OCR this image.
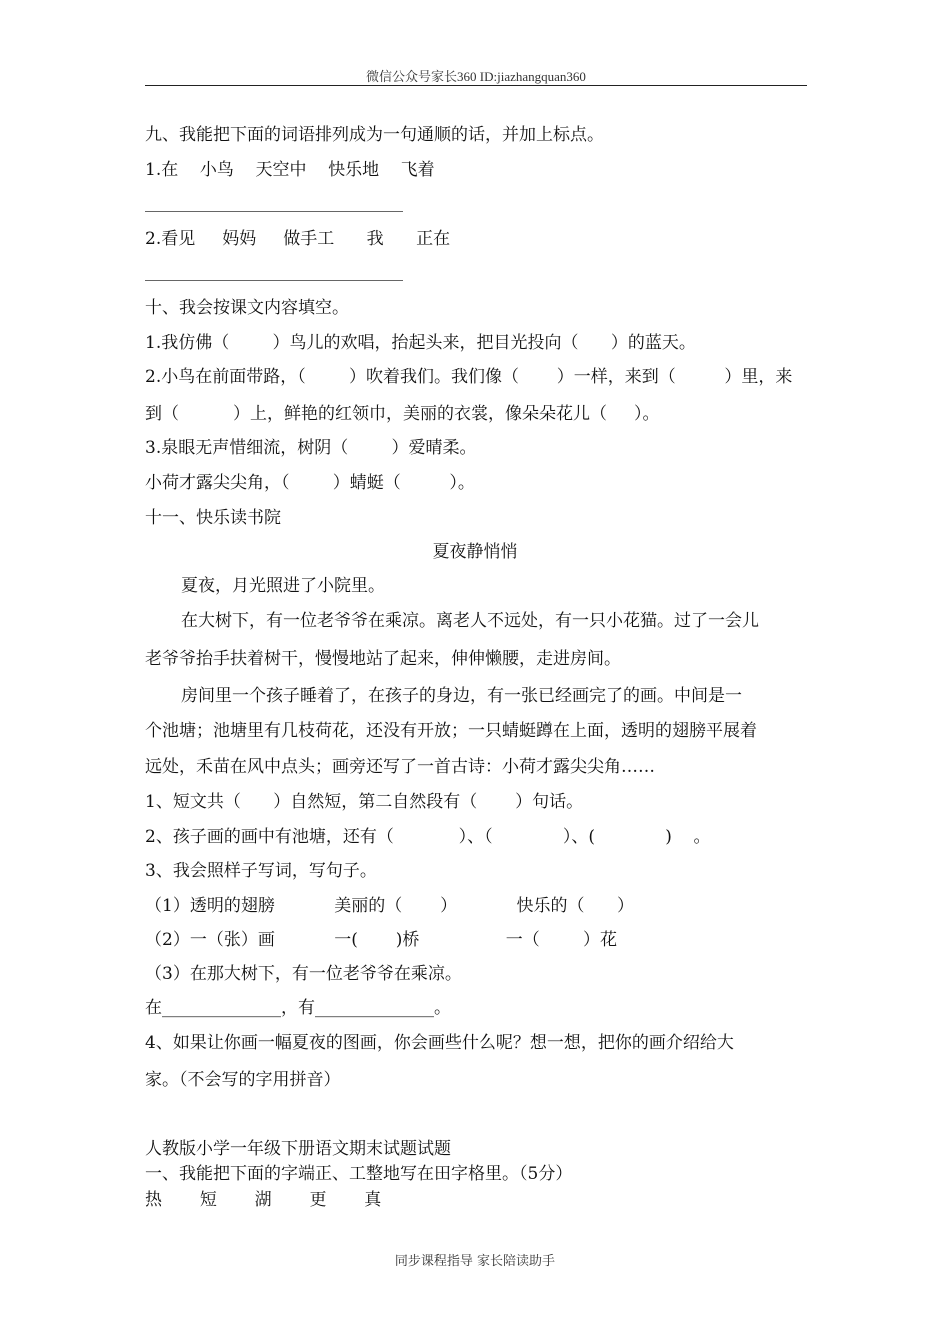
微信公众号家长360 ID:jiazhangquan360
九、我能把下面的词语排列成为一句通顺的话，并加上标点。
1.在    小鸟    天空中    快乐地    飞着
2.看见     妈妈     做手工      我      正在
十、我会按课文内容填空。
1.我仿佛（        ）鸟儿的欢唱，抬起头来，把目光投向（      ）的蓝天。
2.小鸟在前面带路，（        ）吹着我们。我们像（       ）一样，来到（         ）里，来
到（          ）上，鲜艳的红领巾，美丽的衣裳，像朵朵花儿（     ）。
3.泉眼无声惜细流，树阴（        ）爱晴柔。
小荷才露尖尖角，（        ）蜻蜓（         ）。
十一、快乐读书院
夏夜静悄悄
夏夜，月光照进了小院里。
在大树下，有一位老爷爷在乘凉。离老人不远处，有一只小花猫。过了一会儿
老爷爷抬手扶着树干，慢慢地站了起来，伸伸懒腰，走进房间。
房间里一个孩子睡着了，在孩子的身边，有一张已经画完了的画。中间是一
个池塘；池塘里有几枝荷花，还没有开放；一只蜻蜓蹲在上面，透明的翅膀平展着
远处，禾苗在风中点头；画旁还写了一首古诗：小荷才露尖尖角……
1、短文共（      ）自然短，第二自然段有（       ）句话。
2、孩子画的画中有池塘，还有（            ）、（             ）、(             )    。
3、我会照样子写词，写句子。
（1）透明的翅膀           美丽的（       ）           快乐的（      ）
（2）一（张）画           一(       )桥                一（        ）花
（3）在那大树下，有一位老爷爷在乘凉。
在______________，有______________。
4、如果让你画一幅夏夜的图画，你会画些什么呢？想一想，把你的画介绍给大
家。（不会写的字用拼音）
人教版小学一年级下册语文期末试题试题
一、我能把下面的字端正、工整地写在田字格里。（5分）
热       短       湖       更       真
同步课程指导 家长陪读助手
